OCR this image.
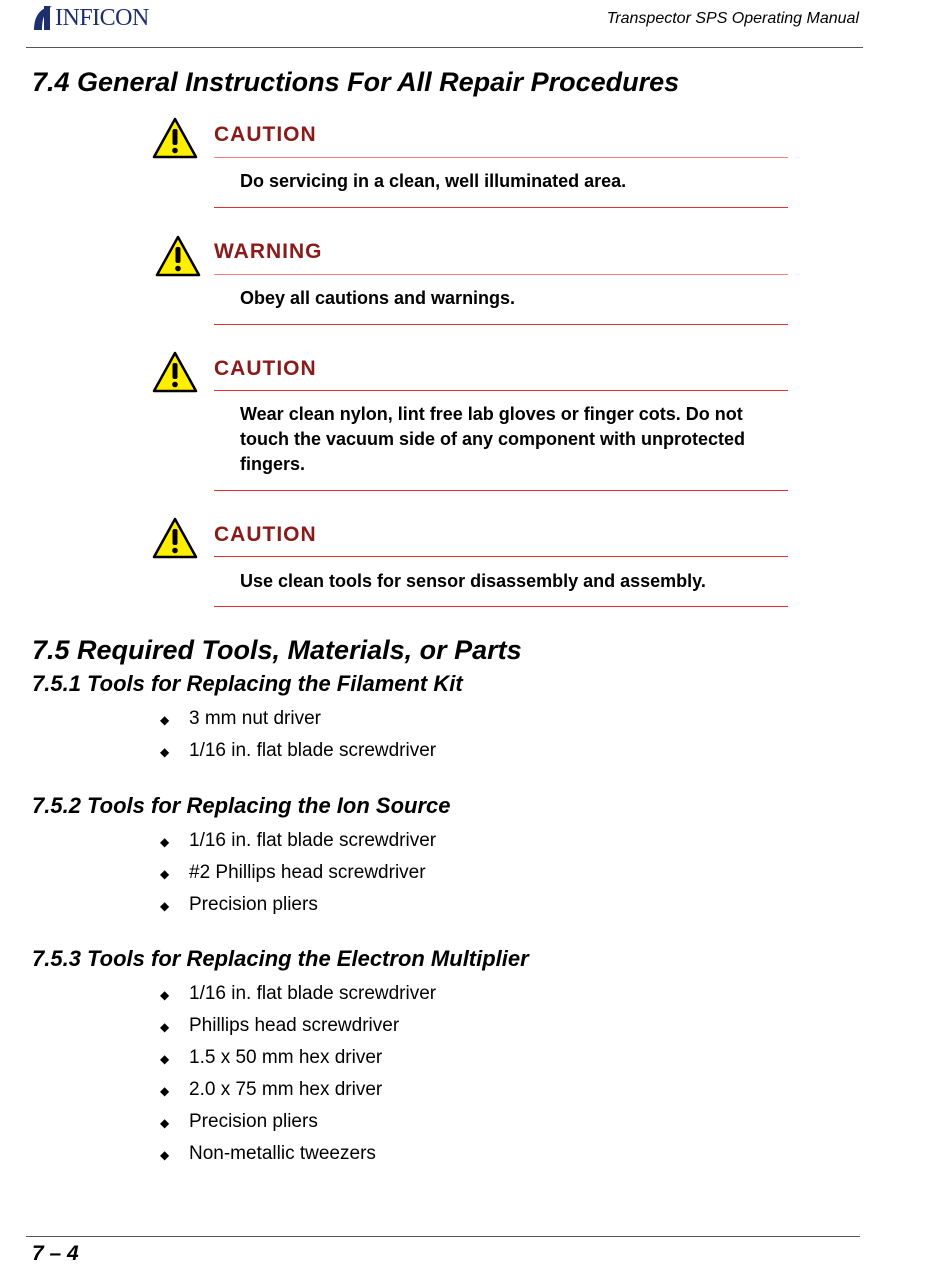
INFICON	Transpector SPS Operating Manual
7.4 General Instructions For All Repair Procedures
CAUTION
Do servicing in a clean, well illuminated area.
WARNING
Obey all cautions and warnings.
CAUTION
Wear clean nylon, lint free lab gloves or finger cots. Do not touch the vacuum side of any component with unprotected fingers.
CAUTION
Use clean tools for sensor disassembly and assembly.
7.5 Required Tools, Materials, or Parts
7.5.1 Tools for Replacing the Filament Kit
◆ 3 mm nut driver
◆ 1/16 in. flat blade screwdriver
7.5.2 Tools for Replacing the Ion Source
◆ 1/16 in. flat blade screwdriver
◆ #2 Phillips head screwdriver
◆ Precision pliers
7.5.3 Tools for Replacing the Electron Multiplier
◆ 1/16 in. flat blade screwdriver
◆ Phillips head screwdriver
◆ 1.5 x 50 mm hex driver
◆ 2.0 x 75 mm hex driver
◆ Precision pliers
◆ Non-metallic tweezers
7 – 4
